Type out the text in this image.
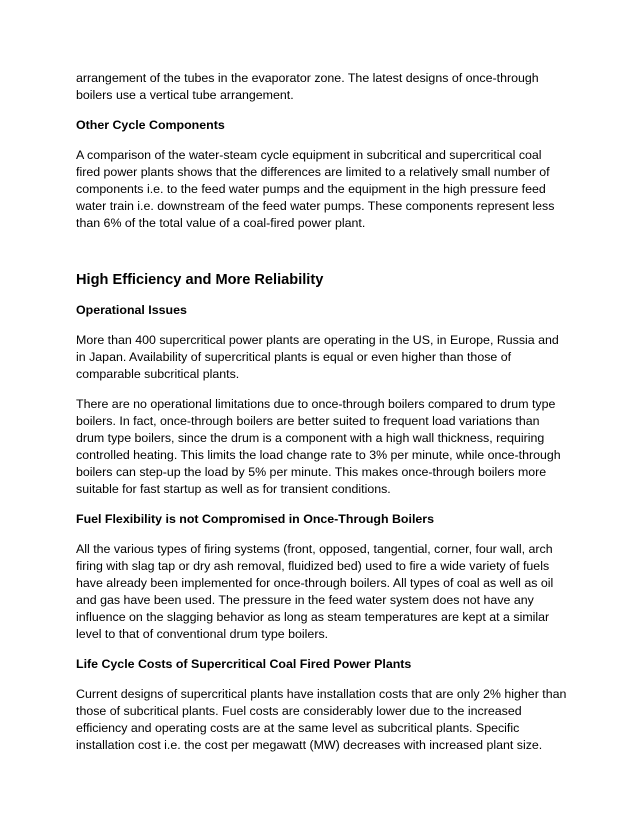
arrangement of the tubes in the evaporator zone. The latest designs of once-through boilers use a vertical tube arrangement.

Other Cycle Components

A comparison of the water-steam cycle equipment in subcritical and supercritical coal fired power plants shows that the differences are limited to a relatively small number of components i.e. to the feed water pumps and the equipment in the high pressure feed water train i.e. downstream of the feed water pumps. These components represent less than 6% of the total value of a coal-fired power plant.

High Efficiency and More Reliability
Operational Issues

More than 400 supercritical power plants are operating in the US, in Europe, Russia and in Japan. Availability of supercritical plants is equal or even higher than those of comparable subcritical plants.

There are no operational limitations due to once-through boilers compared to drum type boilers. In fact, once-through boilers are better suited to frequent load variations than drum type boilers, since the drum is a component with a high wall thickness, requiring controlled heating. This limits the load change rate to 3% per minute, while once-through boilers can step-up the load by 5% per minute. This makes once-through boilers more suitable for fast startup as well as for transient conditions.

Fuel Flexibility is not Compromised in Once-Through Boilers

All the various types of firing systems (front, opposed, tangential, corner, four wall, arch firing with slag tap or dry ash removal, fluidized bed) used to fire a wide variety of fuels have already been implemented for once-through boilers. All types of coal as well as oil and gas have been used. The pressure in the feed water system does not have any influence on the slagging behavior as long as steam temperatures are kept at a similar level to that of conventional drum type boilers.

Life Cycle Costs of Supercritical Coal Fired Power Plants

Current designs of supercritical plants have installation costs that are only 2% higher than those of subcritical plants. Fuel costs are considerably lower due to the increased efficiency and operating costs are at the same level as subcritical plants. Specific installation cost i.e. the cost per megawatt (MW) decreases with increased plant size.
